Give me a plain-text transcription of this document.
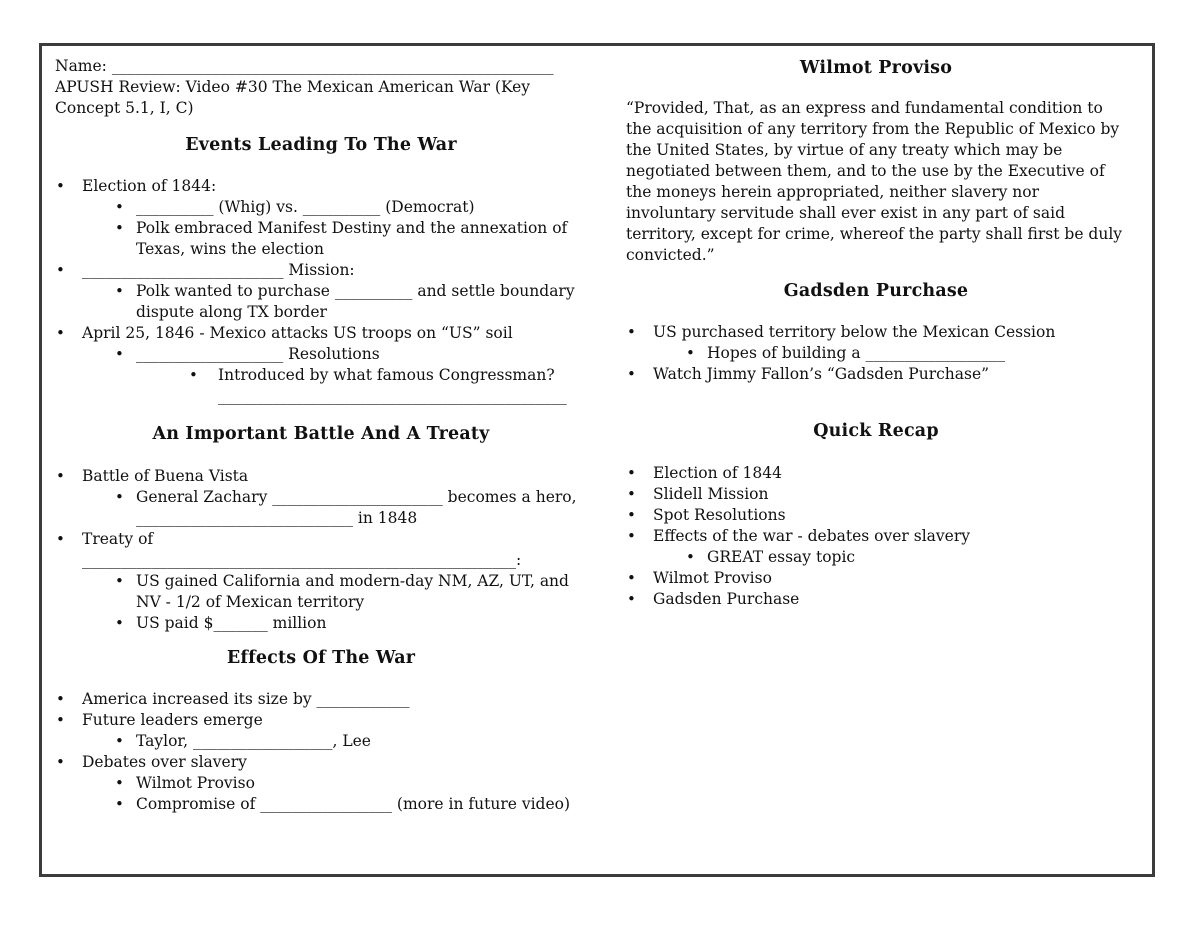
Name: _________________________________________________________

APUSH Review: Video #30 The Mexican American War (Key Concept 5.1, I, C)

Events Leading To The War
• Election of 1844:
• __________ (Whig) vs. __________ (Democrat)
• Polk embraced Manifest Destiny and the annexation of Texas, wins the election
• __________________________ Mission:
• Polk wanted to purchase __________ and settle boundary dispute along TX border
• April 25, 1846 - Mexico attacks US troops on “US” soil
• ___________________ Resolutions
• Introduced by what famous Congressman?
_____________________________________________
An Important Battle And A Treaty
• Battle of Buena Vista
• General Zachary ______________________ becomes a hero, ____________________________ in 1848
• Treaty of ________________________________________________________:
• US gained California and modern-day NM, AZ, UT, and NV - 1/2 of Mexican territory
• US paid $_______ million
Effects Of The War
• America increased its size by ____________
• Future leaders emerge
• Taylor, __________________, Lee
• Debates over slavery
• Wilmot Proviso
• Compromise of _________________ (more in future video)
Wilmot Proviso

“Provided, That, as an express and fundamental condition to the acquisition of any territory from the Republic of Mexico by the United States, by virtue of any treaty which may be negotiated between them, and to the use by the Executive of the moneys herein appropriated, neither slavery nor involuntary servitude shall ever exist in any part of said territory, except for crime, whereof the party shall first be duly convicted.”

Gadsden Purchase
• US purchased territory below the Mexican Cession
• Hopes of building a __________________
• Watch Jimmy Fallon’s “Gadsden Purchase”
Quick Recap
• Election of 1844
• Slidell Mission
• Spot Resolutions
• Effects of the war - debates over slavery
• GREAT essay topic
• Wilmot Proviso
• Gadsden Purchase
